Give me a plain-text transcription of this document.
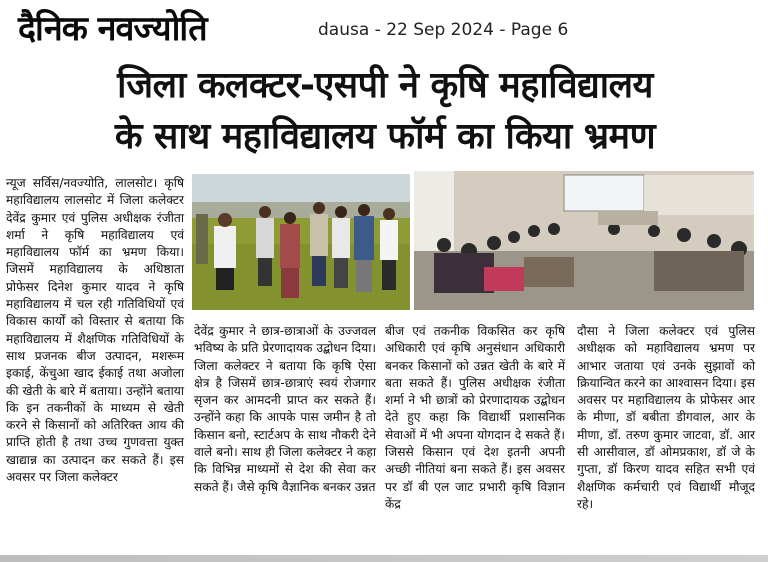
दैनिक नवज्योति	dausa - 22 Sep 2024 - Page 6
जिला कलक्टर-एसपी ने कृषि महाविद्यालय
के साथ महाविद्यालय फॉर्म का किया भ्रमण

न्यूज सर्विस/नवज्योति, लालसोट। कृषि महाविद्यालय लालसोट में जिला कलेक्टर देवेंद्र कुमार एवं पुलिस अधीक्षक रंजीता शर्मा ने कृषि महाविद्यालय एवं महाविद्यालय फॉर्म का भ्रमण किया। जिसमें महाविद्यालय के अधिष्ठाता प्रोफेसर दिनेश कुमार यादव ने कृषि महाविद्यालय में चल रही गतिविधियों एवं विकास कार्यों को विस्तार से बताया कि महाविद्यालय में शैक्षणिक गतिविधियों के साथ प्रजनक बीज उत्पादन, मशरूम इकाई, केंचुआ खाद ईकाई तथा अजोला की खेती के बारे में बताया। उन्होंने बताया कि इन तकनीकों के माध्यम से खेती करने से किसानों को अतिरिक्त आय की प्राप्ति होती है तथा उच्च गुणवत्ता युक्त खाद्यान्न का उत्पादन कर सकते हैं। इस अवसर पर जिला कलेक्टर

देवेंद्र कुमार ने छात्र-छात्राओं के उज्जवल भविष्य के प्रति प्रेरणादायक उद्बोधन दिया। जिला कलेक्टर ने बताया कि कृषि ऐसा क्षेत्र है जिसमें छात्र-छात्राएं स्वयं रोजगार सृजन कर आमदनी प्राप्त कर सकते हैं। उन्होंने कहा कि आपके पास जमीन है तो किसान बनो, स्टार्टअप के साथ नौकरी देने वाले बनो। साथ ही जिला कलेक्टर ने कहा कि विभिन्न माध्यमों से देश की सेवा कर सकते हैं। जैसे कृषि वैज्ञानिक बनकर उन्नत

बीज एवं तकनीक विकसित कर कृषि अधिकारी एवं कृषि अनुसंधान अधिकारी बनकर किसानों को उन्नत खेती के बारे में बता सकते हैं। पुलिस अधीक्षक रंजीता शर्मा ने भी छात्रों को प्रेरणादायक उद्बोधन देते हुए कहा कि विद्यार्थी प्रशासनिक सेवाओं में भी अपना योगदान दे सकते हैं। जिससे किसान एवं देश इतनी अपनी अच्छी नीतियां बना सकते हैं। इस अवसर पर डॉ बी एल जाट प्रभारी कृषि विज्ञान केंद्र

दौसा ने जिला कलेक्टर एवं पुलिस अधीक्षक को महाविद्यालय भ्रमण पर आभार जताया एवं उनके सुझावों को क्रियान्वित करने का आश्वासन दिया। इस अवसर पर महाविद्यालय के प्रोफेसर आर के मीणा, डॉ बबीता डीगवाल, आर के मीणा, डॉ. तरुण कुमार जाटवा, डॉ. आर सी आसीवाल, डॉ ओमप्रकाश, डॉ जे के गुप्ता, डॉ किरण यादव सहित सभी एवं शैक्षणिक कर्मचारी एवं विद्यार्थी मौजूद रहे।
